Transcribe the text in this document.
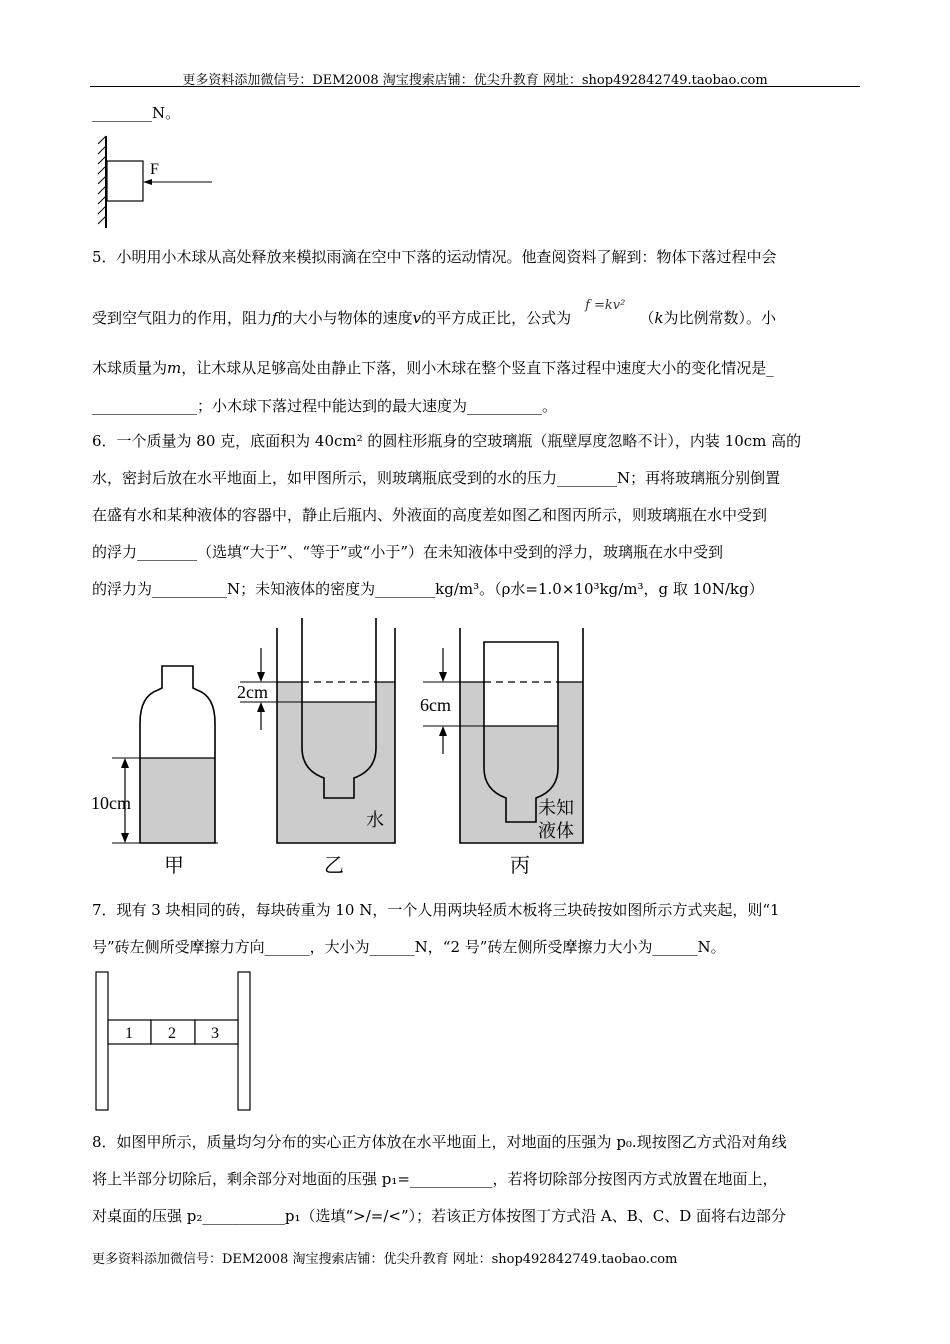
更多资料添加微信号：DEM2008 淘宝搜索店铺：优尖升教育 网址：shop492842749.taobao.com
________N。
F
5．小明用小木球从高处释放来模拟雨滴在空中下落的运动情况。他查阅资料了解到：物体下落过程中会
受到空气阻力的作用，阻力f的大小与物体的速度v的平方成正比，公式为f =kv²（k为比例常数）。小
木球质量为m，让木球从足够高处由静止下落，则小木球在整个竖直下落过程中速度大小的变化情况是_
______________；小木球下落过程中能达到的最大速度为__________。
6．一个质量为 80 克，底面积为 40cm² 的圆柱形瓶身的空玻璃瓶（瓶壁厚度忽略不计），内装 10cm 高的
水，密封后放在水平地面上，如甲图所示，则玻璃瓶底受到的水的压力________N；再将玻璃瓶分别倒置
在盛有水和某种液体的容器中，静止后瓶内、外液面的高度差如图乙和图丙所示，则玻璃瓶在水中受到
的浮力________（选填“大于”、“等于”或“小于”）在未知液体中受到的浮力，玻璃瓶在水中受到
的浮力为__________N；未知液体的密度为________kg/m³。（ρ水=1.0×10³kg/m³，g 取 10N/kg）
10cm
甲
2cm
水
乙
6cm
未知
液体
丙
7．现有 3 块相同的砖，每块砖重为 10 N，一个人用两块轻质木板将三块砖按如图所示方式夹起，则“1
号”砖左侧所受摩擦力方向______，大小为______N，“2 号”砖左侧所受摩擦力大小为______N。
1 2 3
8．如图甲所示，质量均匀分布的实心正方体放在水平地面上，对地面的压强为 p₀.现按图乙方式沿对角线
将上半部分切除后，剩余部分对地面的压强 p₁=___________，若将切除部分按图丙方式放置在地面上，
对桌面的压强 p₂___________p₁（选填“>/=/<”）；若该正方体按图丁方式沿 A、B、C、D 面将右边部分
更多资料添加微信号：DEM2008 淘宝搜索店铺：优尖升教育 网址：shop492842749.taobao.com
